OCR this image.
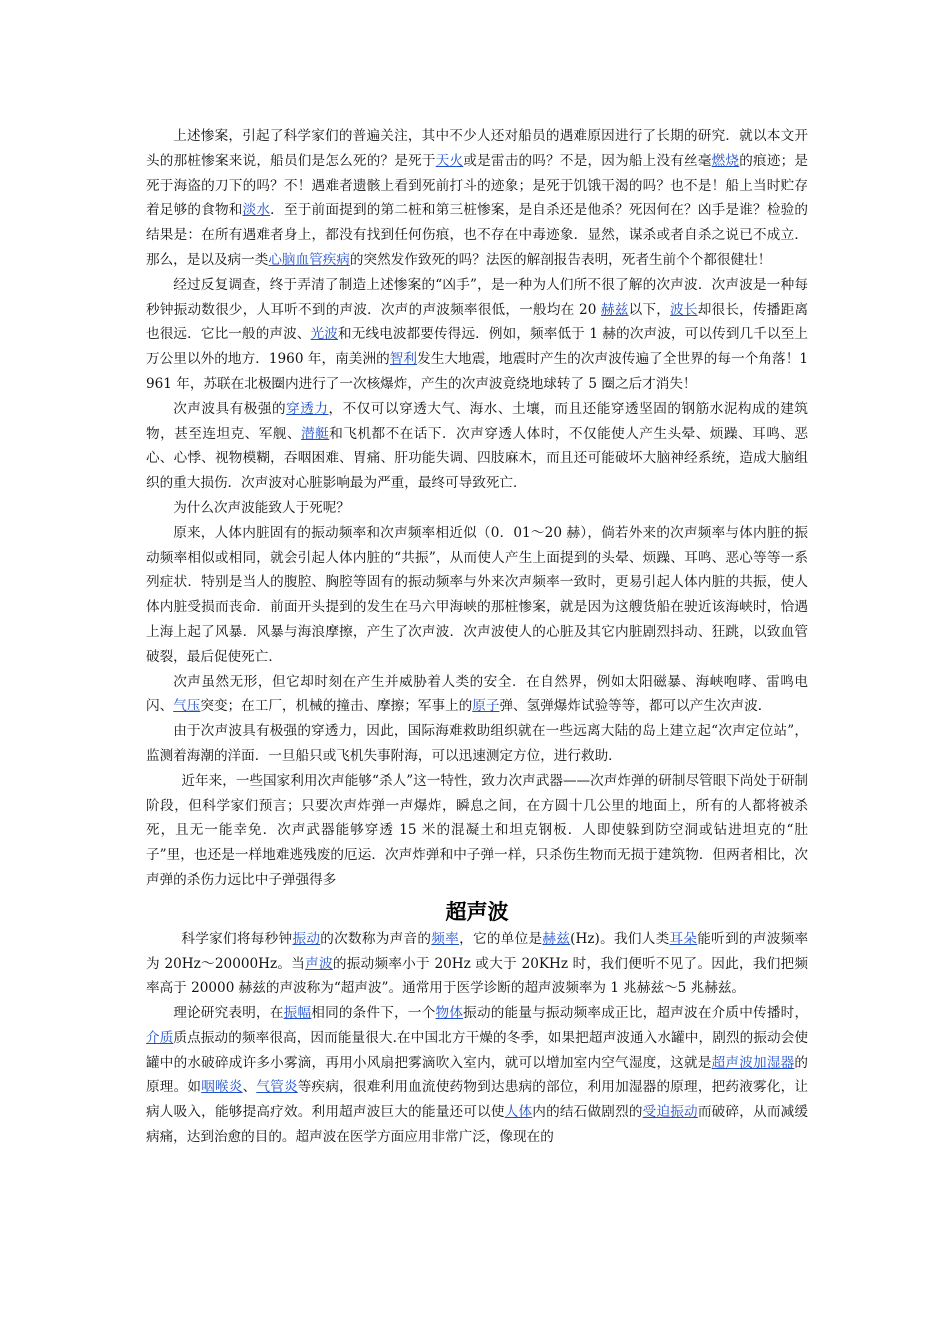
上述惨案，引起了科学家们的普遍关注，其中不少人还对船员的遇难原因进行了长期的研究．就以本文开头的那桩惨案来说，船员们是怎么死的？是死于天火或是雷击的吗？不是，因为船上没有丝毫燃烧的痕迹；是死于海盗的刀下的吗？不！遇难者遗骸上看到死前打斗的迹象；是死于饥饿干渴的吗？也不是！船上当时贮存着足够的食物和淡水．至于前面提到的第二桩和第三桩惨案，是自杀还是他杀？死因何在？凶手是谁？检验的结果是：在所有遇难者身上，都没有找到任何伤痕，也不存在中毒迹象．显然，谋杀或者自杀之说已不成立．那么，是以及病一类心脑血管疾病的突然发作致死的吗？法医的解剖报告表明，死者生前个个都很健壮！

经过反复调查，终于弄清了制造上述惨案的“凶手”，是一种为人们所不很了解的次声波．次声波是一种每秒钟振动数很少，人耳听不到的声波．次声的声波频率很低，一般均在 20 赫兹以下，波长却很长，传播距离也很远．它比一般的声波、光波和无线电波都要传得远．例如，频率低于 1 赫的次声波，可以传到几千以至上万公里以外的地方．1960 年，南美洲的智利发生大地震，地震时产生的次声波传遍了全世界的每一个角落！1961 年，苏联在北极圈内进行了一次核爆炸，产生的次声波竟绕地球转了 5 圈之后才消失！

次声波具有极强的穿透力，不仅可以穿透大气、海水、土壤，而且还能穿透坚固的钢筋水泥构成的建筑物，甚至连坦克、军舰、潜艇和飞机都不在话下．次声穿透人体时，不仅能使人产生头晕、烦躁、耳鸣、恶心、心悸、视物模糊，吞咽困难、胃痛、肝功能失调、四肢麻木，而且还可能破坏大脑神经系统，造成大脑组织的重大损伤．次声波对心脏影响最为严重，最终可导致死亡．

为什么次声波能致人于死呢？

原来，人体内脏固有的振动频率和次声频率相近似（0．01～20 赫），倘若外来的次声频率与体内脏的振动频率相似或相同，就会引起人体内脏的“共振”，从而使人产生上面提到的头晕、烦躁、耳鸣、恶心等等一系列症状．特别是当人的腹腔、胸腔等固有的振动频率与外来次声频率一致时，更易引起人体内脏的共振，使人体内脏受损而丧命．前面开头提到的发生在马六甲海峡的那桩惨案，就是因为这艘货船在驶近该海峡时，恰遇上海上起了风暴．风暴与海浪摩擦，产生了次声波．次声波使人的心脏及其它内脏剧烈抖动、狂跳，以致血管破裂，最后促使死亡．

次声虽然无形，但它却时刻在产生并威胁着人类的安全．在自然界，例如太阳磁暴、海峡咆哮、雷鸣电闪、气压突变；在工厂，机械的撞击、摩擦；军事上的原子弹、氢弹爆炸试验等等，都可以产生次声波．

由于次声波具有极强的穿透力，因此，国际海难救助组织就在一些远离大陆的岛上建立起“次声定位站”，监测着海潮的洋面．一旦船只或飞机失事附海，可以迅速测定方位，进行救助．

近年来，一些国家利用次声能够“杀人”这一特性，致力次声武器——次声炸弹的研制尽管眼下尚处于研制阶段，但科学家们预言；只要次声炸弹一声爆炸，瞬息之间，在方圆十几公里的地面上，所有的人都将被杀死，且无一能幸免．次声武器能够穿透 15 米的混凝土和坦克钢板．人即使躲到防空洞或钻进坦克的“肚子”里，也还是一样地难逃残废的厄运．次声炸弹和中子弹一样，只杀伤生物而无损于建筑物．但两者相比，次声弹的杀伤力远比中子弹强得多

超声波

科学家们将每秒钟振动的次数称为声音的频率，它的单位是赫兹(Hz)。我们人类耳朵能听到的声波频率为 20Hz～20000Hz。当声波的振动频率小于 20Hz 或大于 20KHz 时，我们便听不见了。因此，我们把频率高于 20000 赫兹的声波称为“超声波”。通常用于医学诊断的超声波频率为 1 兆赫兹～5 兆赫兹。

理论研究表明，在振幅相同的条件下，一个物体振动的能量与振动频率成正比，超声波在介质中传播时，介质质点振动的频率很高，因而能量很大.在中国北方干燥的冬季，如果把超声波通入水罐中，剧烈的振动会使罐中的水破碎成许多小雾滴，再用小风扇把雾滴吹入室内，就可以增加室内空气湿度，这就是超声波加湿器的原理。如咽喉炎、气管炎等疾病，很难利用血流使药物到达患病的部位，利用加湿器的原理，把药液雾化，让病人吸入，能够提高疗效。利用超声波巨大的能量还可以使人体内的结石做剧烈的受迫振动而破碎，从而减缓病痛，达到治愈的目的。超声波在医学方面应用非常广泛，像现在的
